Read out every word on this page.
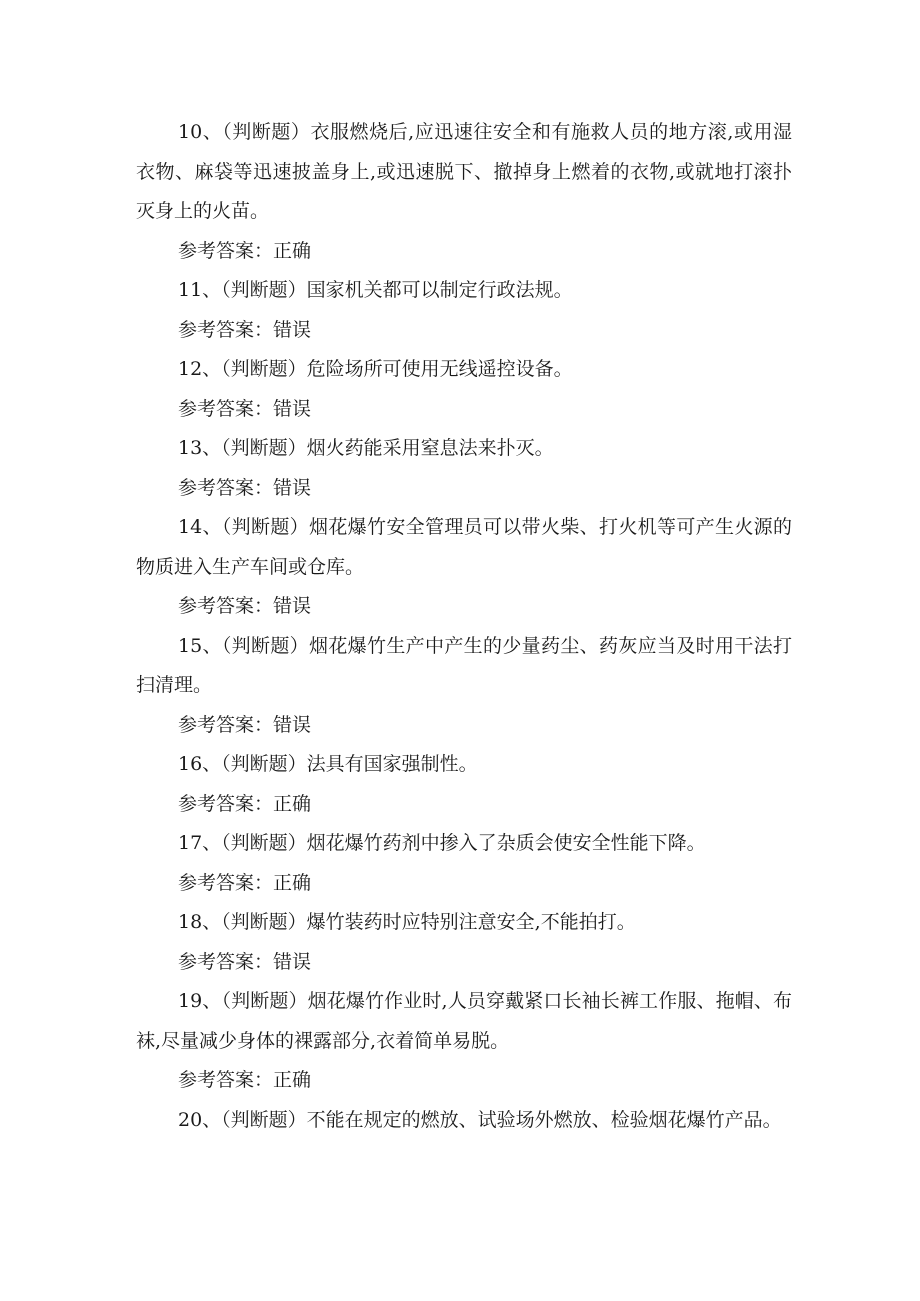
10、（判断题）衣服燃烧后,应迅速往安全和有施救人员的地方滚,或用湿衣物、麻袋等迅速披盖身上,或迅速脱下、撤掉身上燃着的衣物,或就地打滚扑灭身上的火苗。

参考答案：正确

11、（判断题）国家机关都可以制定行政法规。

参考答案：错误

12、（判断题）危险场所可使用无线遥控设备。

参考答案：错误

13、（判断题）烟火药能采用窒息法来扑灭。

参考答案：错误

14、（判断题）烟花爆竹安全管理员可以带火柴、打火机等可产生火源的物质进入生产车间或仓库。

参考答案：错误

15、（判断题）烟花爆竹生产中产生的少量药尘、药灰应当及时用干法打扫清理。

参考答案：错误

16、（判断题）法具有国家强制性。

参考答案：正确

17、（判断题）烟花爆竹药剂中掺入了杂质会使安全性能下降。

参考答案：正确

18、（判断题）爆竹装药时应特别注意安全,不能拍打。

参考答案：错误

19、（判断题）烟花爆竹作业时,人员穿戴紧口长袖长裤工作服、拖帽、布袜,尽量减少身体的裸露部分,衣着简单易脱。

参考答案：正确

20、（判断题）不能在规定的燃放、试验场外燃放、检验烟花爆竹产品。
